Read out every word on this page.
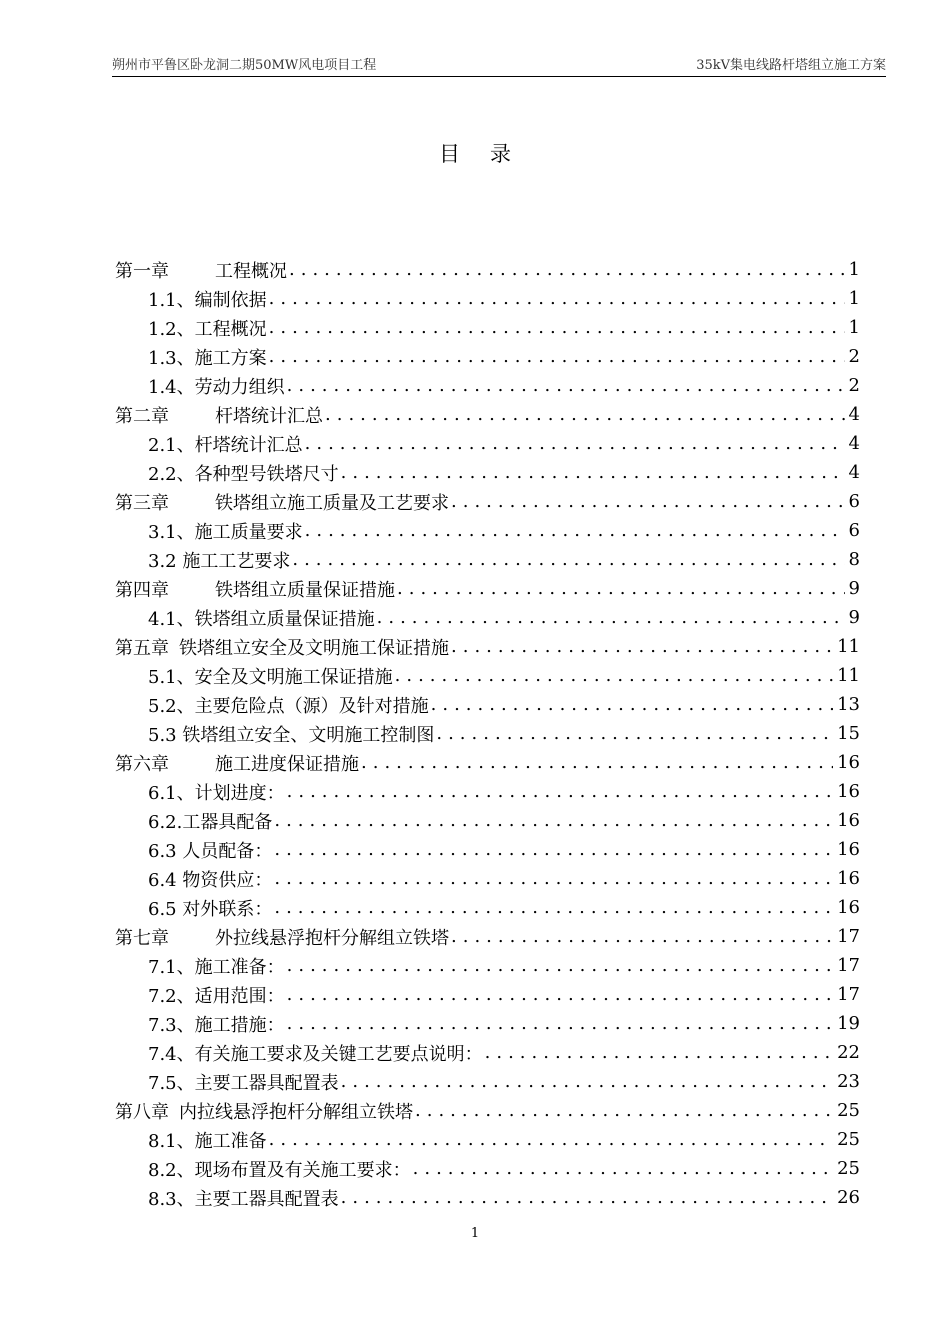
朔州市平鲁区卧龙洞二期50MW风电项目工程	35kV集电线路杆塔组立施工方案
目录
第一章	工程概况 .....	1
1.1、编制依据 .....	1
1.2、工程概况 .....	1
1.3、施工方案 .....	2
1.4、劳动力组织 .....	2
第二章	杆塔统计汇总 .....	4
2.1、杆塔统计汇总 .....	4
2.2、各种型号铁塔尺寸 .....	4
第三章	铁塔组立施工质量及工艺要求 .....	6
3.1、施工质量要求 .....	6
3.2 施工工艺要求 .....	8
第四章	铁塔组立质量保证措施 .....	9
4.1、铁塔组立质量保证措施 .....	9
第五章 铁塔组立安全及文明施工保证措施 .....	11
5.1、安全及文明施工保证措施 .....	11
5.2、主要危险点（源）及针对措施 .....	13
5.3 铁塔组立安全、文明施工控制图 .....	15
第六章	施工进度保证措施 .....	16
6.1、计划进度： .....	16
6.2.工器具配备 .....	16
6.3 人员配备： .....	16
6.4 物资供应： .....	16
6.5 对外联系： .....	16
第七章	外拉线悬浮抱杆分解组立铁塔 .....	17
7.1、施工准备： .....	17
7.2、适用范围： .....	17
7.3、施工措施： .....	19
7.4、有关施工要求及关键工艺要点说明： .....	22
7.5、主要工器具配置表 .....	23
第八章 内拉线悬浮抱杆分解组立铁塔 .....	25
8.1、施工准备 .....	25
8.2、现场布置及有关施工要求： .....	25
8.3、主要工器具配置表 .....	26
1
